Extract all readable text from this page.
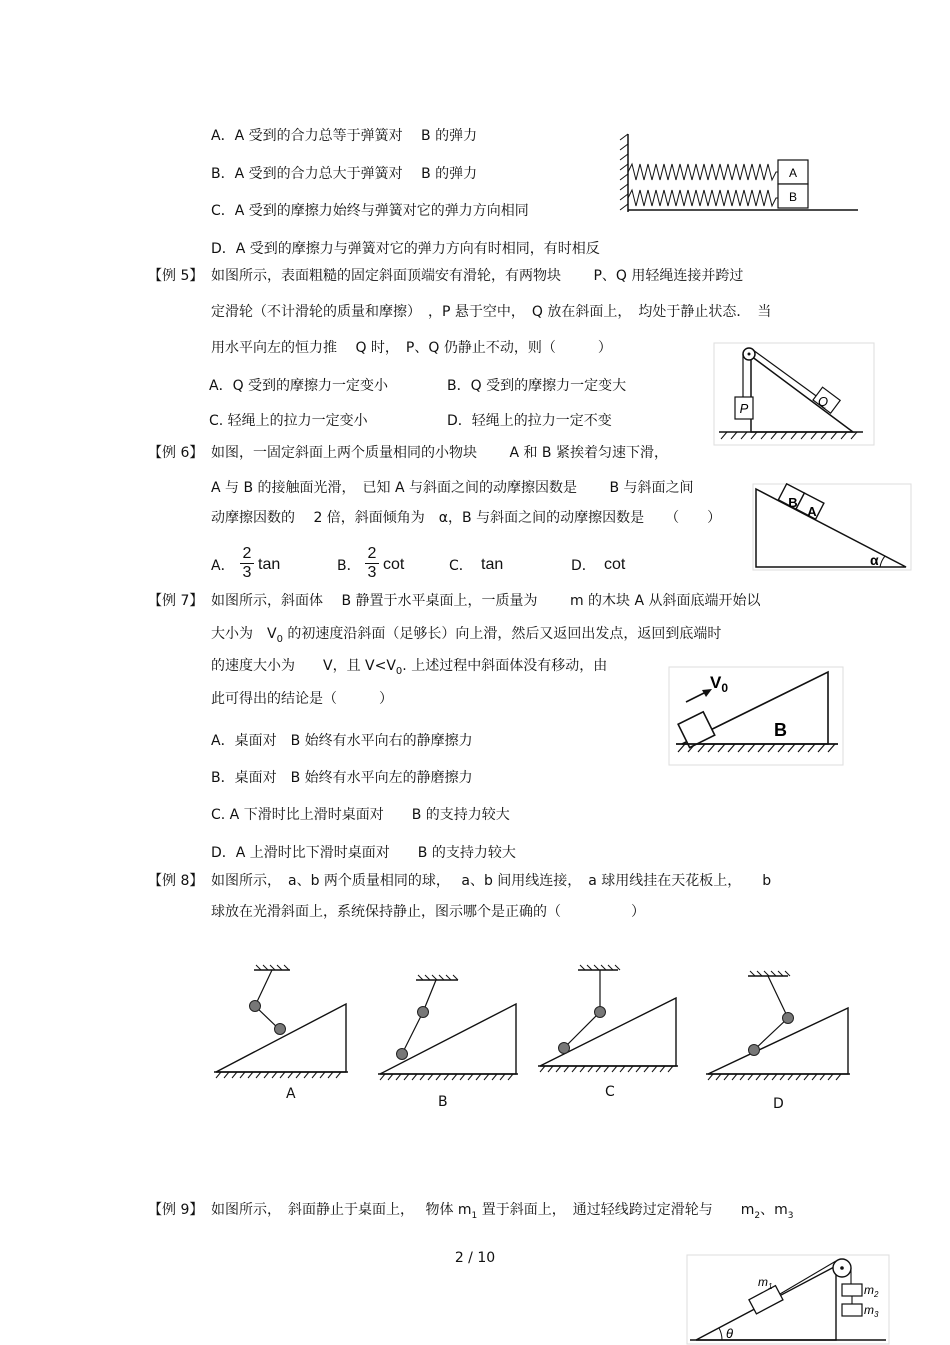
A．A 受到的合力总等于弹簧对　 B 的弹力
B．A 受到的合力总大于弹簧对　 B 的弹力
C．A 受到的摩擦力始终与弹簧对它的弹力方向相同
D．A 受到的摩擦力与弹簧对它的弹力方向有时相同，有时相反
A
B
【例 5】 如图所示，表面粗糙的固定斜面顶端安有滑轮，有两物块　　 P、Q 用轻绳连接并跨过
定滑轮（不计滑轮的质量和摩擦）　，P 悬于空中，　Q 放在斜面上，　均处于静止状态．　当
用水平向左的恒力推　 Q 时，　P、Q 仍静止不动，则（　　　）
A．Q 受到的摩擦力一定变小	B．Q 受到的摩擦力一定变大
C. 轻绳上的拉力一定变小	D．轻绳上的拉力一定不变
P	Q
【例 6】 如图，一固定斜面上两个质量相同的小物块　　 A 和 B 紧挨着匀速下滑，
A 与 B 的接触面光滑，　已知 A 与斜面之间的动摩擦因数是　　 B 与斜面之间
动摩擦因数的　 2 倍，斜面倾角为　α，B 与斜面之间的动摩擦因数是　　（　　）
A． $\frac{2}{3}$ tan	B． $\frac{2}{3}$ cot	C． tan	D． cot
B
A
α
【例 7】 如图所示，斜面体　 B 静置于水平桌面上，一质量为　　 m 的木块 A 从斜面底端开始以
大小为　$V_0$ 的初速度沿斜面（足够长）向上滑，然后又返回出发点，返回到底端时
的速度大小为　　V，且 $V<V_0$. 上述过程中斜面体没有移动，由
此可得出的结论是（　　　）
A．桌面对　B 始终有水平向右的静摩擦力
B．桌面对　B 始终有水平向左的静磨擦力
C. A 下滑时比上滑时桌面对　　B 的支持力较大
D．A 上滑时比下滑时桌面对　　B 的支持力较大
$V_0$
B
【例 8】 如图所示，　a、b 两个质量相同的球，　 a、b 间用线连接，　a 球用线挂在天花板上，　　b
球放在光滑斜面上，系统保持静止，图示哪个是正确的（　　　　　）
A	B
C
D
【例 9】 如图所示，　斜面静止于桌面上，　 物体 $m_1$ 置于斜面上，　通过轻线跨过定滑轮与　　$m_2$、$m_3$
2 / 10
$m_1$	$m_2$
$m_3$
θ
